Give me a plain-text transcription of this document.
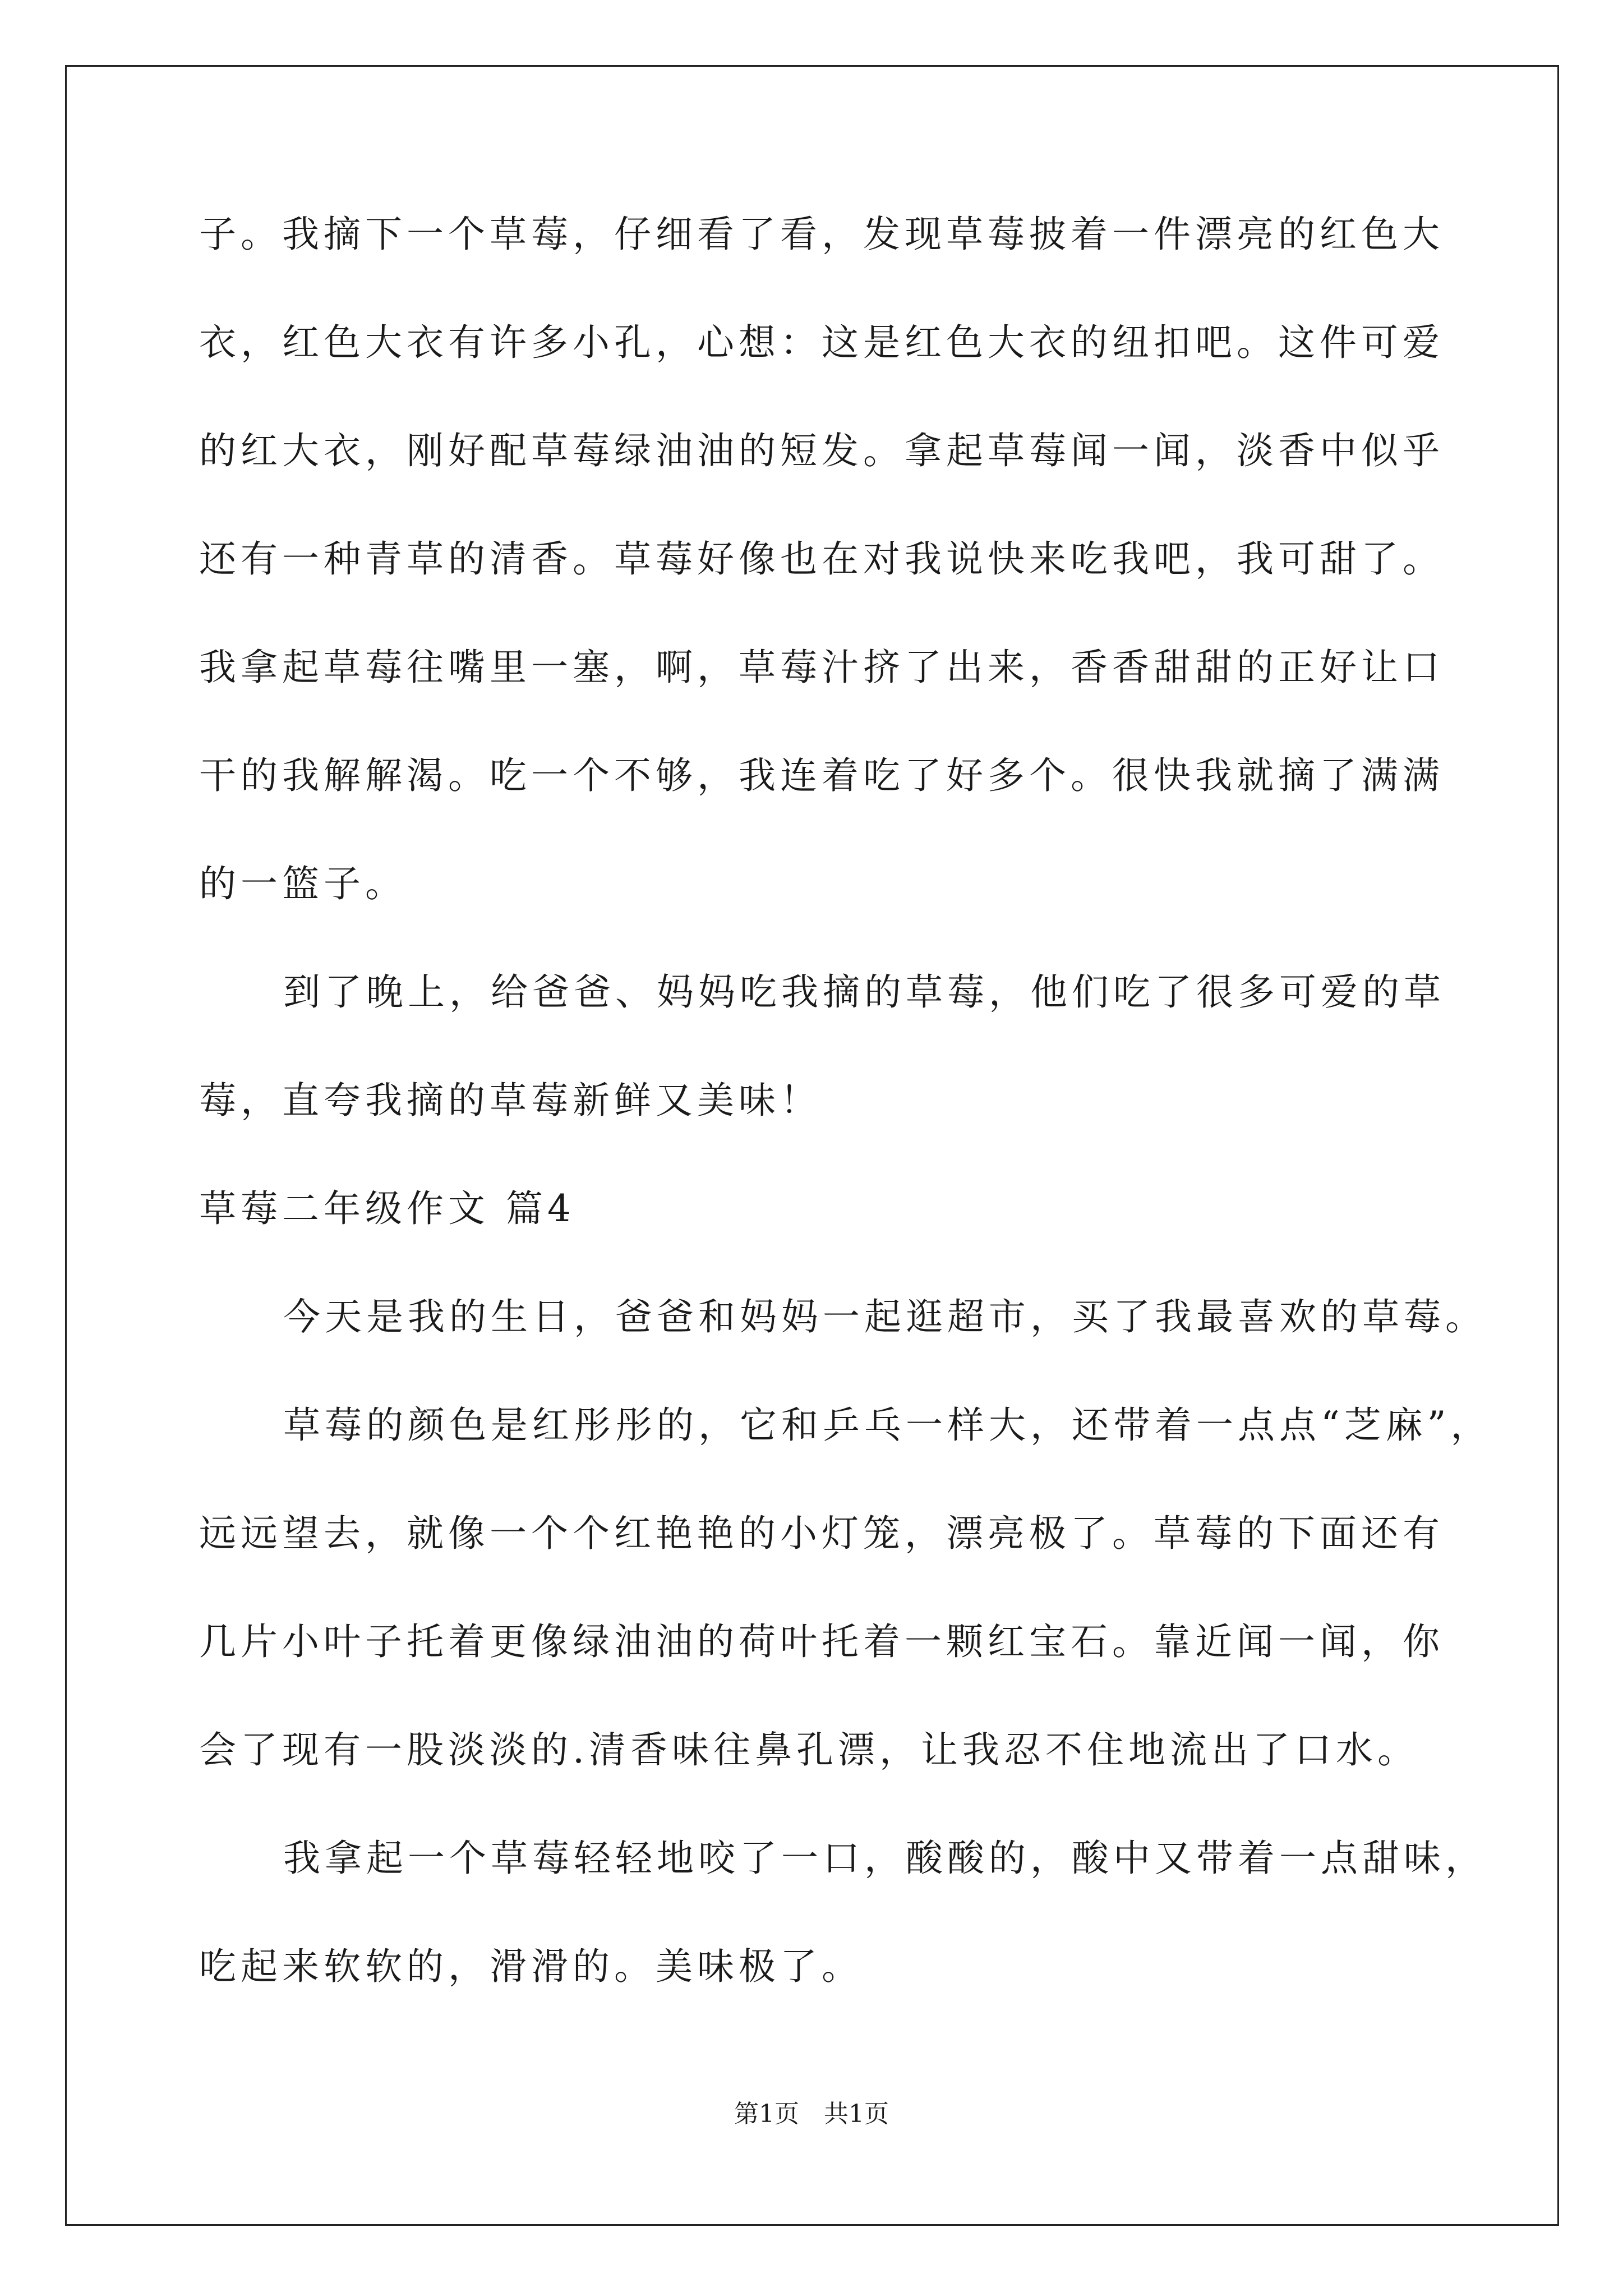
子。我摘下一个草莓，仔细看了看，发现草莓披着一件漂亮的红色大
衣，红色大衣有许多小孔，心想：这是红色大衣的纽扣吧。这件可爱
的红大衣，刚好配草莓绿油油的短发。拿起草莓闻一闻，淡香中似乎
还有一种青草的清香。草莓好像也在对我说快来吃我吧，我可甜了。
我拿起草莓往嘴里一塞，啊，草莓汁挤了出来，香香甜甜的正好让口
干的我解解渴。吃一个不够，我连着吃了好多个。很快我就摘了满满
的一篮子。
到了晚上，给爸爸、妈妈吃我摘的草莓，他们吃了很多可爱的草
莓，直夸我摘的草莓新鲜又美味！
草莓二年级作文 篇4
今天是我的生日，爸爸和妈妈一起逛超市，买了我最喜欢的草莓。
草莓的颜色是红彤彤的，它和乒乓一样大，还带着一点点“芝麻”，
远远望去，就像一个个红艳艳的小灯笼，漂亮极了。草莓的下面还有
几片小叶子托着更像绿油油的荷叶托着一颗红宝石。靠近闻一闻，你
会了现有一股淡淡的.清香味往鼻孔漂，让我忍不住地流出了口水。
我拿起一个草莓轻轻地咬了一口，酸酸的，酸中又带着一点甜味，
吃起来软软的，滑滑的。美味极了。
第1页　共1页
